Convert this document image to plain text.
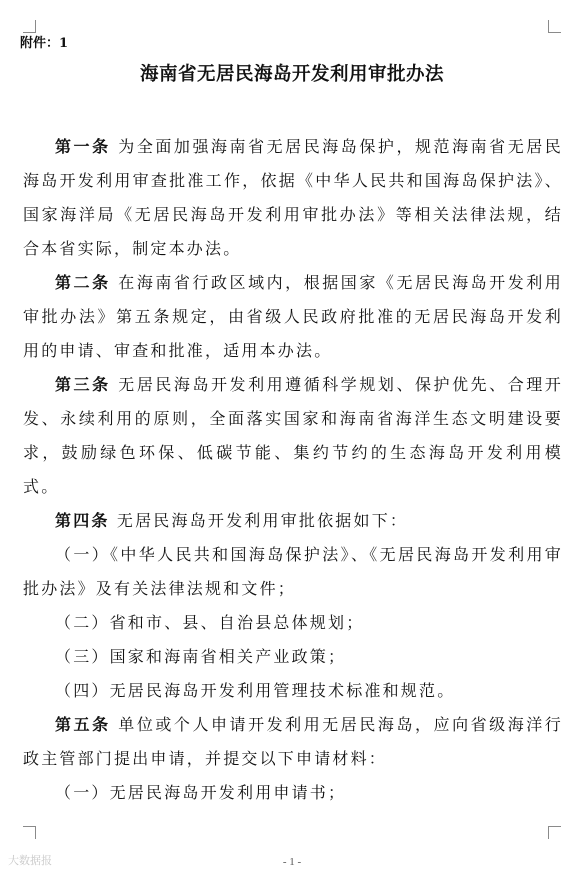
附件：1
海南省无居民海岛开发利用审批办法

第一条 为全面加强海南省无居民海岛保护，规范海南省无居民海岛开发利用审查批准工作，依据《中华人民共和国海岛保护法》、国家海洋局《无居民海岛开发利用审批办法》等相关法律法规，结合本省实际，制定本办法。

第二条 在海南省行政区域内，根据国家《无居民海岛开发利用审批办法》第五条规定，由省级人民政府批准的无居民海岛开发利用的申请、审查和批准，适用本办法。

第三条 无居民海岛开发利用遵循科学规划、保护优先、合理开发、永续利用的原则，全面落实国家和海南省海洋生态文明建设要求，鼓励绿色环保、低碳节能、集约节约的生态海岛开发利用模式。

第四条 无居民海岛开发利用审批依据如下：

（一）《中华人民共和国海岛保护法》、《无居民海岛开发利用审批办法》及有关法律法规和文件；

（二）省和市、县、自治县总体规划；

（三）国家和海南省相关产业政策；

（四）无居民海岛开发利用管理技术标准和规范。

第五条 单位或个人申请开发利用无居民海岛，应向省级海洋行政主管部门提出申请，并提交以下申请材料：

（一）无居民海岛开发利用申请书；

大数据报	- 1 -
